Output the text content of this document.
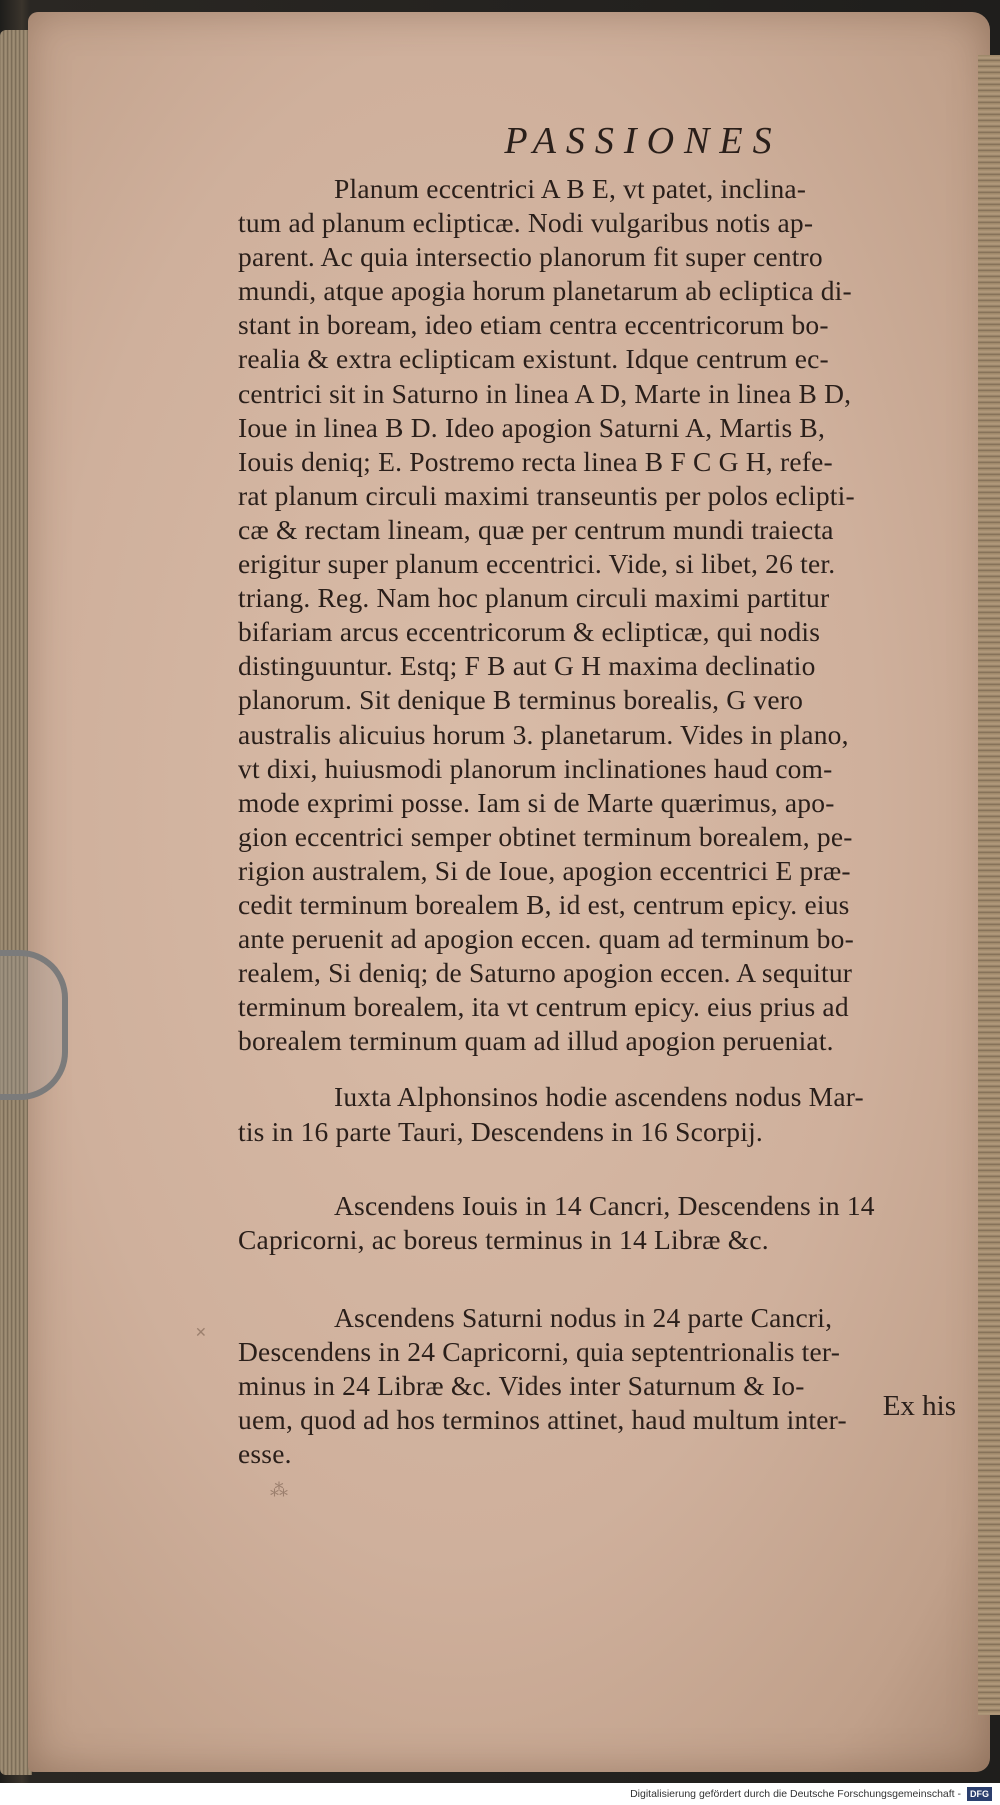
PASSIONES

Planum eccentrici A B E, vt patet, inclina-
tum ad planum eclipticæ. Nodi vulgaribus notis ap-
parent. Ac quia intersectio planorum fit super centro
mundi, atque apogia horum planetarum ab ecliptica di-
stant in boream, ideo etiam centra eccentricorum bo-
realia & extra eclipticam existunt. Idque centrum ec-
centrici sit in Saturno in linea A D, Marte in linea B D,
Ioue in linea B D. Ideo apogion Saturni A, Martis B,
Iouis deniq; E. Postremo recta linea B F C G H, refe-
rat planum circuli maximi transeuntis per polos eclipti-
cæ & rectam lineam, quæ per centrum mundi traiecta
erigitur super planum eccentrici. Vide, si libet, 26 ter.
triang. Reg. Nam hoc planum circuli maximi partitur
bifariam arcus eccentricorum & eclipticæ, qui nodis
distinguuntur. Estq; F B aut G H maxima declinatio
planorum. Sit denique B terminus borealis, G vero
australis alicuius horum 3. planetarum. Vides in plano,
vt dixi, huiusmodi planorum inclinationes haud com-
mode exprimi posse. Iam si de Marte quærimus, apo-
gion eccentrici semper obtinet terminum borealem, pe-
rigion australem, Si de Ioue, apogion eccentrici E præ-
cedit terminum borealem B, id est, centrum epicy. eius
ante peruenit ad apogion eccen. quam ad terminum bo-
realem, Si deniq; de Saturno apogion eccen. A sequitur
terminum borealem, ita vt centrum epicy. eius prius ad
borealem terminum quam ad illud apogion perueniat.

Iuxta Alphonsinos hodie ascendens nodus Mar-
tis in 16 parte Tauri, Descendens in 16 Scorpij.

Ascendens Iouis in 14 Cancri, Descendens in 14
Capricorni, ac boreus terminus in 14 Libræ &c.

Ascendens Saturni nodus in 24 parte Cancri,
Descendens in 24 Capricorni, quia septentrionalis ter-
minus in 24 Libræ &c. Vides inter Saturnum & Io-
uem, quod ad hos terminos attinet, haud multum inter-
esse.

Ex his
⁂
✕
Digitalisierung gefördert durch die Deutsche Forschungsgemeinschaft - DFG
